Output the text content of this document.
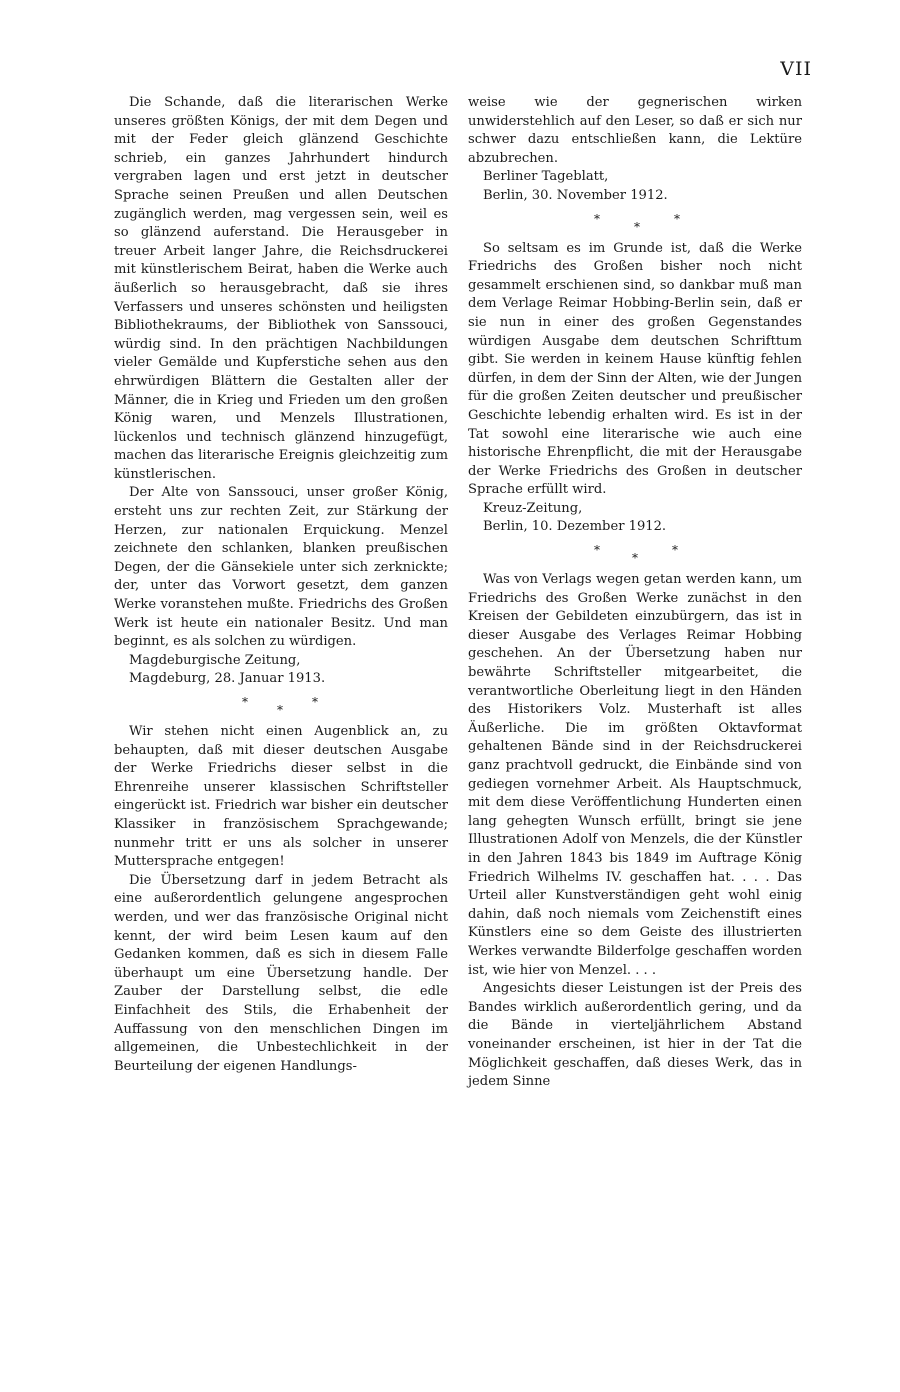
VII

Die Schande, daß die literarischen Werke unseres größten Königs, der mit dem Degen und mit der Feder gleich glänzend Geschichte schrieb, ein ganzes Jahrhundert hindurch vergraben lagen und erst jetzt in deutscher Sprache seinen Preußen und allen Deutschen zugänglich werden, mag vergessen sein, weil es so glänzend auferstand. Die Herausgeber in treuer Arbeit langer Jahre, die Reichsdruckerei mit künstlerischem Beirat, haben die Werke auch äußerlich so herausgebracht, daß sie ihres Verfassers und unseres schönsten und heiligsten Bibliothekraums, der Bibliothek von Sanssouci, würdig sind. In den prächtigen Nachbildungen vieler Gemälde und Kupferstiche sehen aus den ehrwürdigen Blättern die Gestalten aller der Männer, die in Krieg und Frieden um den großen König waren, und Menzels Illustrationen, lückenlos und technisch glänzend hinzugefügt, machen das literarische Ereignis gleichzeitig zum künstlerischen.

Der Alte von Sanssouci, unser großer König, ersteht uns zur rechten Zeit, zur Stärkung der Herzen, zur nationalen Erquickung. Menzel zeichnete den schlanken, blanken preußischen Degen, der die Gänsekiele unter sich zerknickte; der, unter das Vorwort gesetzt, dem ganzen Werke voranstehen mußte. Friedrichs des Großen Werk ist heute ein nationaler Besitz. Und man beginnt, es als solchen zu würdigen.

Magdeburgische Zeitung,

Magdeburg, 28. Januar 1913.

*
*
*

Wir stehen nicht einen Augenblick an, zu behaupten, daß mit dieser deutschen Ausgabe der Werke Friedrichs dieser selbst in die Ehrenreihe unserer klassischen Schriftsteller eingerückt ist. Friedrich war bisher ein deutscher Klassiker in französischem Sprachgewande; nunmehr tritt er uns als solcher in unserer Muttersprache entgegen!

Die Übersetzung darf in jedem Betracht als eine außerordentlich gelungene angesprochen werden, und wer das französische Original nicht kennt, der wird beim Lesen kaum auf den Gedanken kommen, daß es sich in diesem Falle überhaupt um eine Übersetzung handle. Der Zauber der Darstellung selbst, die edle Einfachheit des Stils, die Erhabenheit der Auffassung von den menschlichen Dingen im allgemeinen, die Unbestechlichkeit in der Beurteilung der eigenen Handlungs-

weise wie der gegnerischen wirken unwiderstehlich auf den Leser, so daß er sich nur schwer dazu entschließen kann, die Lektüre abzubrechen.

Berliner Tageblatt,

Berlin, 30. November 1912.

*
*
*

So seltsam es im Grunde ist, daß die Werke Friedrichs des Großen bisher noch nicht gesammelt erschienen sind, so dankbar muß man dem Verlage Reimar Hobbing-Berlin sein, daß er sie nun in einer des großen Gegenstandes würdigen Ausgabe dem deutschen Schrifttum gibt. Sie werden in keinem Hause künftig fehlen dürfen, in dem der Sinn der Alten, wie der Jungen für die großen Zeiten deutscher und preußischer Geschichte lebendig erhalten wird. Es ist in der Tat sowohl eine literarische wie auch eine historische Ehrenpflicht, die mit der Herausgabe der Werke Friedrichs des Großen in deutscher Sprache erfüllt wird.

Kreuz-Zeitung,

Berlin, 10. Dezember 1912.

*
*
*

Was von Verlags wegen getan werden kann, um Friedrichs des Großen Werke zunächst in den Kreisen der Gebildeten einzubürgern, das ist in dieser Ausgabe des Verlages Reimar Hobbing geschehen. An der Übersetzung haben nur bewährte Schriftsteller mitgearbeitet, die verantwortliche Oberleitung liegt in den Händen des Historikers Volz. Musterhaft ist alles Äußerliche. Die im größten Oktavformat gehaltenen Bände sind in der Reichsdruckerei ganz prachtvoll gedruckt, die Einbände sind von gediegen vornehmer Arbeit. Als Hauptschmuck, mit dem diese Veröffentlichung Hunderten einen lang gehegten Wunsch erfüllt, bringt sie jene Illustrationen Adolf von Menzels, die der Künstler in den Jahren 1843 bis 1849 im Auftrage König Friedrich Wilhelms IV. geschaffen hat. . . . Das Urteil aller Kunstverständigen geht wohl einig dahin, daß noch niemals vom Zeichenstift eines Künstlers eine so dem Geiste des illustrierten Werkes verwandte Bilderfolge geschaffen worden ist, wie hier von Menzel. . . .

Angesichts dieser Leistungen ist der Preis des Bandes wirklich außerordentlich gering, und da die Bände in vierteljährlichem Abstand voneinander erscheinen, ist hier in der Tat die Möglichkeit geschaffen, daß dieses Werk, das in jedem Sinne
